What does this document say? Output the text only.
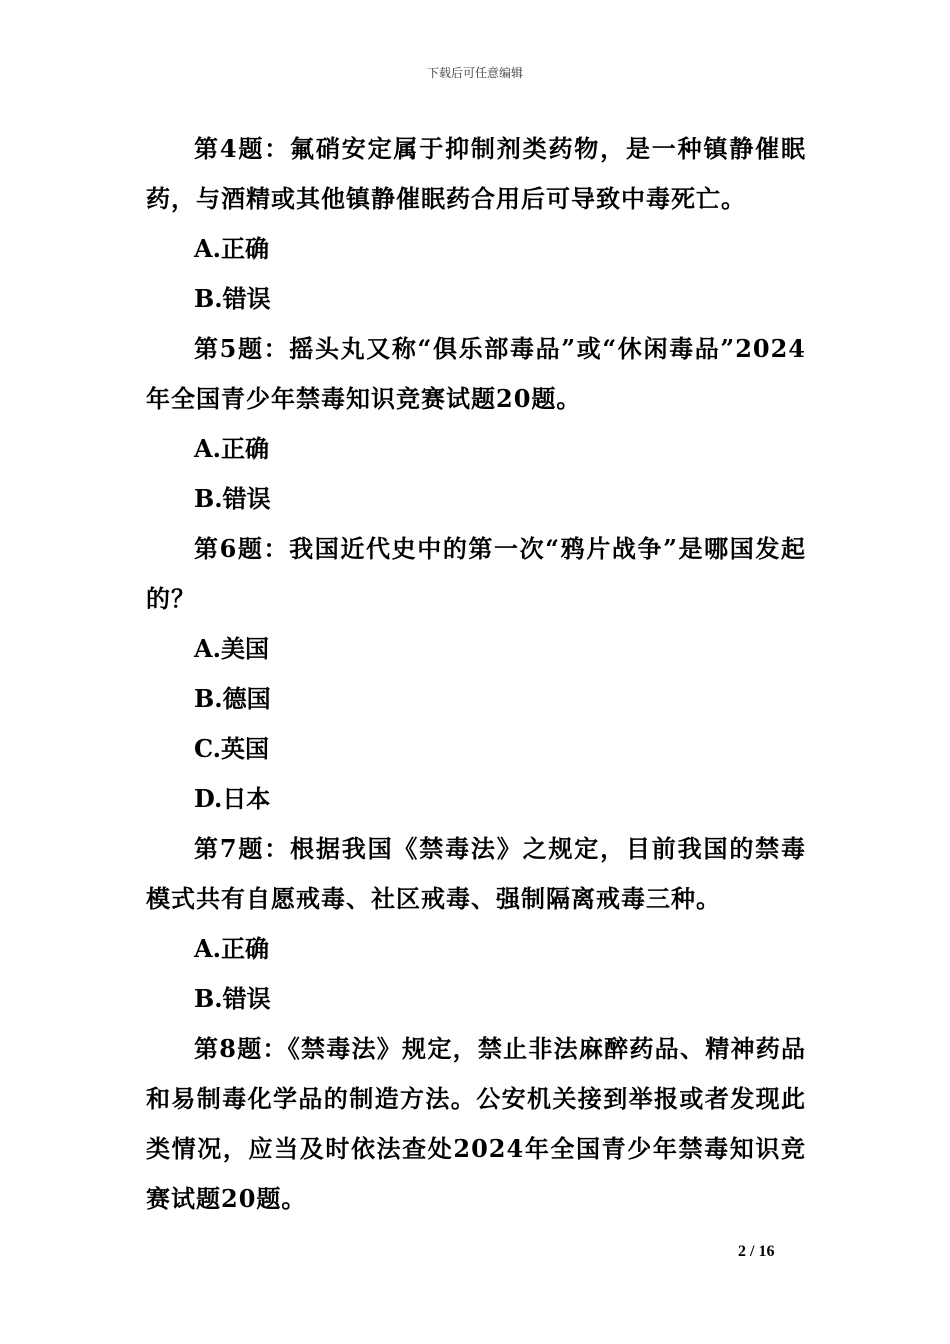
下载后可任意编辑

第4题：氟硝安定属于抑制剂类药物，是一种镇静催眠药，与酒精或其他镇静催眠药合用后可导致中毒死亡。

A.正确

B.错误

第5题：摇头丸又称“俱乐部毒品”或“休闲毒品”2024年全国青少年禁毒知识竞赛试题20题。

A.正确

B.错误

第6题：我国近代史中的第一次“鸦片战争”是哪国发起的？

A.美国

B.德国

C.英国

D.日本

第7题：根据我国《禁毒法》之规定，目前我国的禁毒模式共有自愿戒毒、社区戒毒、强制隔离戒毒三种。

A.正确

B.错误

第8题：《禁毒法》规定，禁止非法麻醉药品、精神药品和易制毒化学品的制造方法。公安机关接到举报或者发现此类情况，应当及时依法查处2024年全国青少年禁毒知识竞赛试题20题。

2 / 16
